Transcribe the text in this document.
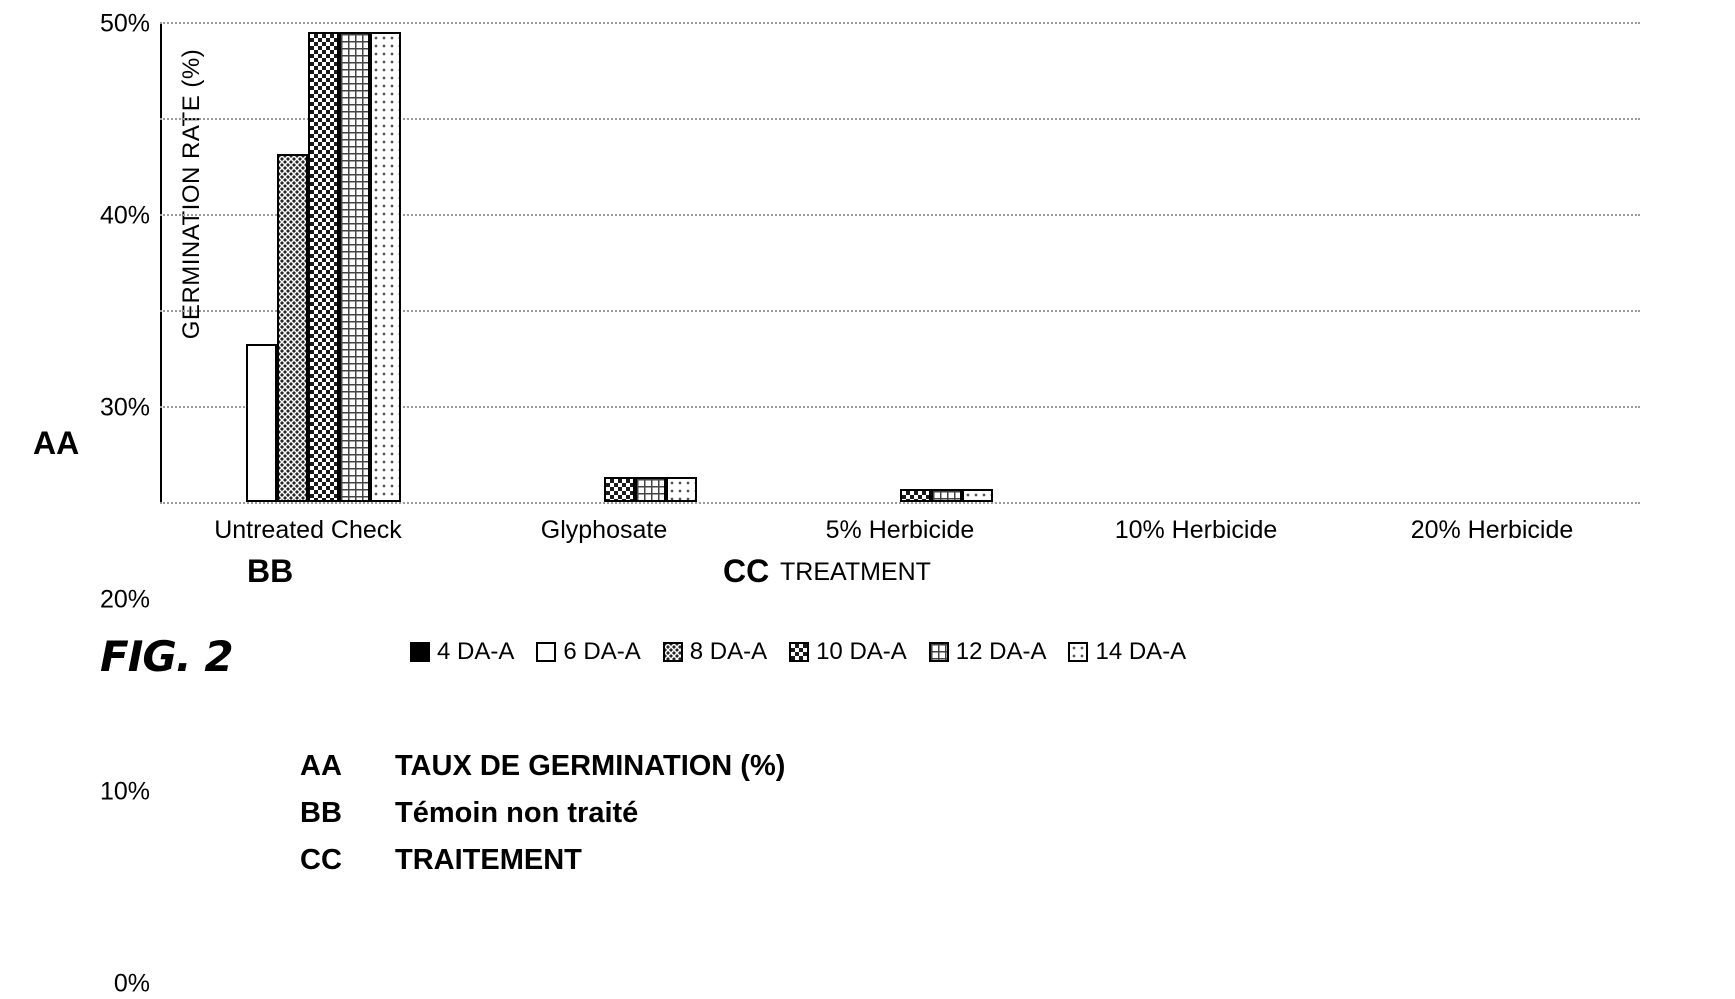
GERMINATION RATE (%)
0%
10%
20%
30%
40%
50%
Untreated Check	Glyphosate	5% Herbicide	10% Herbicide	20% Herbicide
TREATMENT
AA
BB	CC
FIG. 2	4 DA-A 6 DA-A 8 DA-A 10 DA-A 12 DA-A 14 DA-A
AA	TAUX DE GERMINATION (%)
BB	Témoin non traité
CC	TRAITEMENT
